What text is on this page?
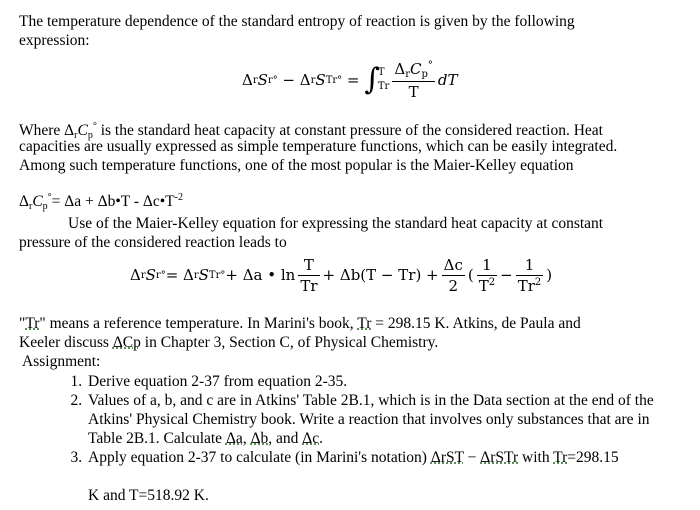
The temperature dependence of the standard entropy of reaction is given by the following
expression:
Δ r S r ° − Δ r S Tr ° = ∫
T
Tr $\frac{\Delta_rC_p^\circ}{T}$ dT
Where $\Delta_rC_p^\circ$ is the standard heat capacity at constant pressure of the considered reaction. Heat
capacities are usually expressed as simple temperature functions, which can be easily integrated.
Among such temperature functions, one of the most popular is the Maier-Kelley equation
$\Delta_rC_p^\circ= \Delta a$ + Δb•T - $\Delta c•T^{-2}$
Use of the Maier-Kelley equation for expressing the standard heat capacity at constant
pressure of the considered reaction leads to
Δ r S r ° = Δ r S Tr ° + Δa • $\ln \frac{T}{Tr} + \Delta b(T - Tr) + \frac{\Delta c}{2}$ ( $\frac{1}{T^2} - \frac{1}{Tr^2}$ )
"Tr" means a reference temperature. In Marini's book, Tr = 298.15 K. Atkins, de Paula and
Keeler discuss ΔCp in Chapter 3, Section C, of Physical Chemistry.
Assignment:
1. Derive equation 2-37 from equation 2-35.
2. Values of a, b, and c are in Atkins' Table 2B.1, which is in the Data section at the end of the Atkins' Physical Chemistry book. Write a reaction that involves only substances that are in Table 2B.1. Calculate Δa, Δb, and Δc.
3. Apply equation 2-37 to calculate (in Marini's notation) ΔrST − ΔrSTr with Tr=298.15

K and T=518.92 K.
